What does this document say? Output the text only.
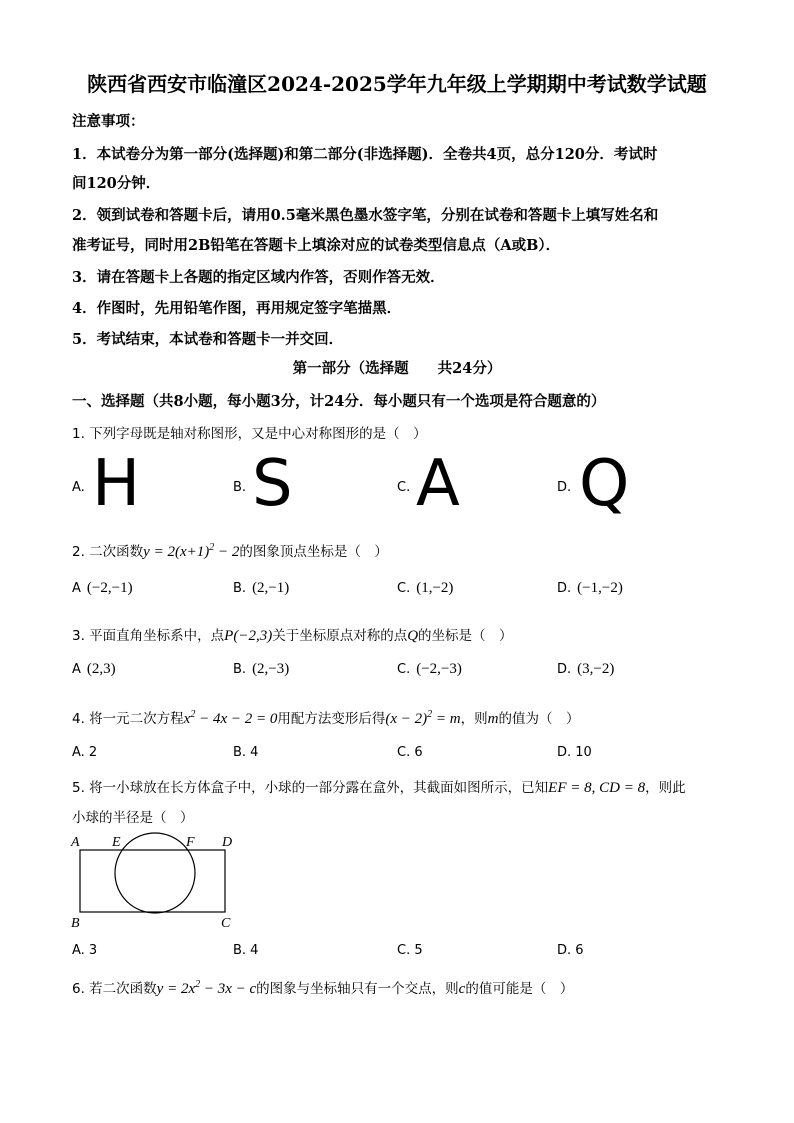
陕西省西安市临潼区2024-2025学年九年级上学期期中考试数学试题
注意事项：
1．本试卷分为第一部分(选择题)和第二部分(非选择题)．全卷共4页，总分120分．考试时
间120分钟．
2．领到试卷和答题卡后，请用0.5毫米黑色墨水签字笔，分别在试卷和答题卡上填写姓名和
准考证号，同时用2B铅笔在答题卡上填涂对应的试卷类型信息点（A或B）．
3．请在答题卡上各题的指定区域内作答，否则作答无效．
4．作图时，先用铅笔作图，再用规定签字笔描黑．
5．考试结束，本试卷和答题卡一并交回．
第一部分（选择题　　共24分）
一、选择题（共8小题，每小题3分，计24分．每小题只有一个选项是符合题意的）
1. 下列字母既是轴对称图形，又是中心对称图形的是（　）
A. H	B. S	C. A	D. Q
2. 二次函数$y = 2(x+1)^2 - 2$的图象顶点坐标是（　）
A (−2,−1)	B. (2,−1)	C. (1,−2)	D. (−1,−2)
3. 平面直角坐标系中，点P(−2,3)关于坐标原点对称的点Q的坐标是（　）
A (2,3)	B. (2,−3)	C. (−2,−3)	D. (3,−2)
4. 将一元二次方程$x^2 - 4x - 2 = 0$用配方法变形后得$(x - 2)^2 = m$，则m的值为（　）
A. 2	B. 4	C. 6	D. 10
5. 将一小球放在长方体盒子中，小球的一部分露在盒外，其截面如图所示，已知EF = 8, CD = 8，则此
小球的半径是（　）
A E	F D
B	C
A. 3	B. 4	C. 5	D. 6
6. 若二次函数$y = 2x^2 - 3x - c$的图象与坐标轴只有一个交点，则c的值可能是（　）
